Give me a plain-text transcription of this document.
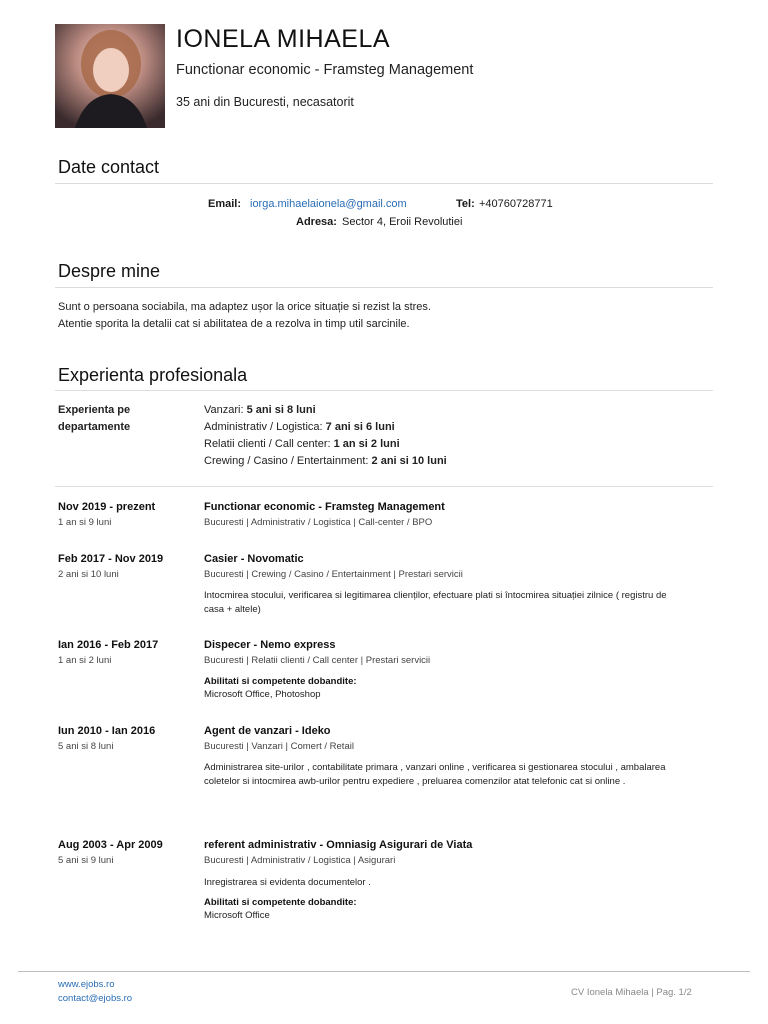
IONELA MIHAELA
Functionar economic - Framsteg Management
35 ani din Bucuresti, necasatorit
Date contact
Email: iorga.mihaelaionela@gmail.com	Tel: +40760728771
Adresa: Sector 4, Eroii Revolutiei
Despre mine
Sunt o persoana sociabila, ma adaptez ușor la orice situație si rezist la stres.
Atentie sporita la detalii cat si abilitatea de a rezolva in timp util sarcinile.
Experienta profesionala
Experienta pe
departamente
Vanzari: 5 ani si 8 luni
Administrativ / Logistica: 7 ani si 6 luni
Relatii clienti / Call center: 1 an si 2 luni
Crewing / Casino / Entertainment: 2 ani si 10 luni
Nov 2019 - prezent
1 an si 9 luni
Functionar economic - Framsteg Management
Bucuresti | Administrativ / Logistica | Call-center / BPO
Feb 2017 - Nov 2019
2 ani si 10 luni
Casier - Novomatic
Bucuresti | Crewing / Casino / Entertainment | Prestari servicii
Intocmirea stocului, verificarea si legitimarea clienților, efectuare plati si întocmirea situației zilnice ( registru de
casa + altele)
Ian 2016 - Feb 2017
1 an si 2 luni
Dispecer - Nemo express
Bucuresti | Relatii clienti / Call center | Prestari servicii
Abilitati si competente dobandite:
Microsoft Office, Photoshop
Iun 2010 - Ian 2016
5 ani si 8 luni
Agent de vanzari - Ideko
Bucuresti | Vanzari | Comert / Retail
Administrarea site-urilor , contabilitate primara , vanzari online , verificarea si gestionarea stocului , ambalarea
coletelor si intocmirea awb-urilor pentru expediere , preluarea comenzilor atat telefonic cat si online .
Aug 2003 - Apr 2009
5 ani si 9 luni
referent administrativ - Omniasig Asigurari de Viata
Bucuresti | Administrativ / Logistica | Asigurari
Inregistrarea si evidenta documentelor .
Abilitati si competente dobandite:
Microsoft Office
www.ejobs.ro
contact@ejobs.ro
CV Ionela Mihaela | Pag. 1/2
